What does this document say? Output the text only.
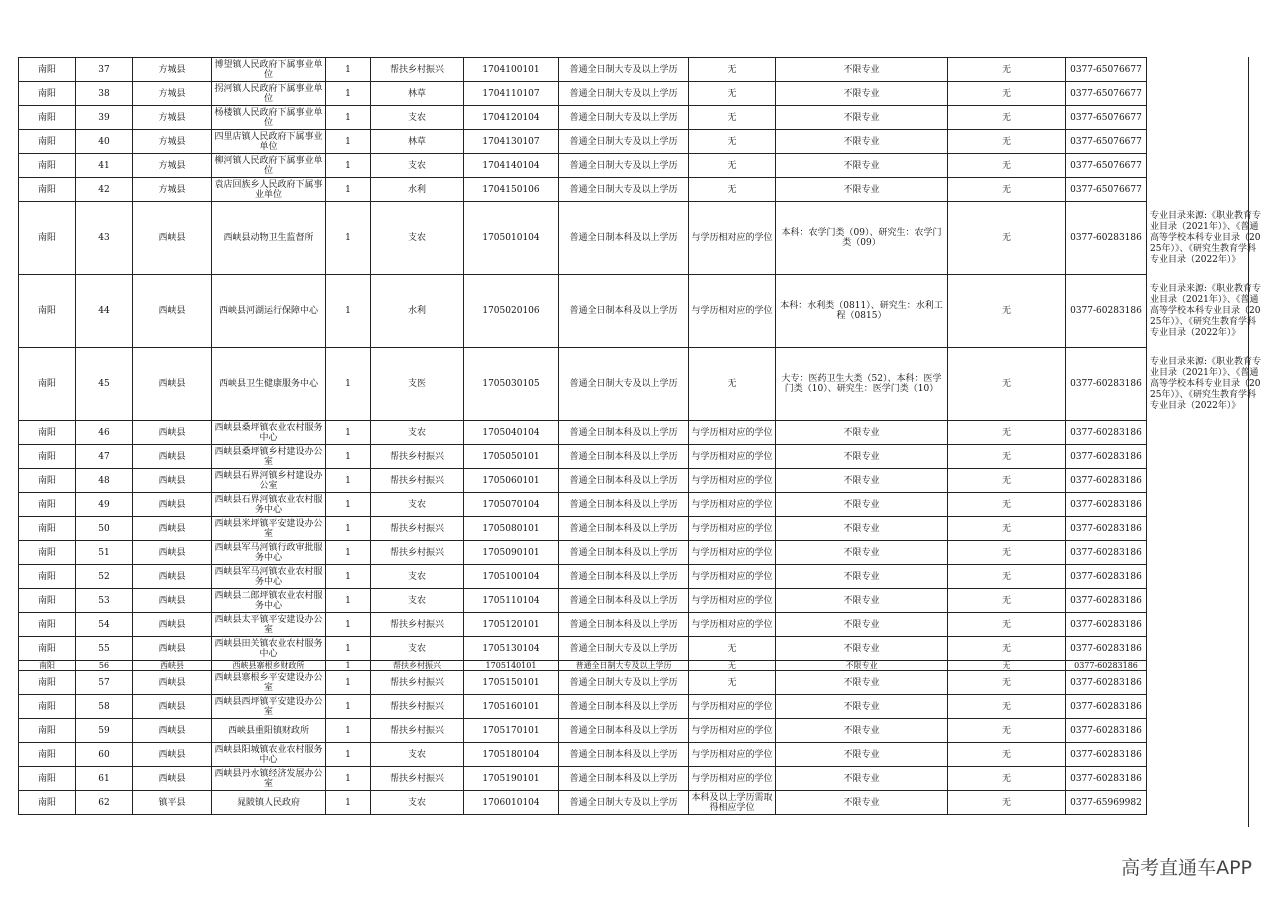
南阳	37	方城县	博望镇人民政府下属事业单位	1	帮扶乡村振兴	1704100101	普通全日制大专及以上学历	无	不限专业	无	0377-65076677	
南阳	38	方城县	拐河镇人民政府下属事业单位	1	林草	1704110107	普通全日制大专及以上学历	无	不限专业	无	0377-65076677	
南阳	39	方城县	杨楼镇人民政府下属事业单位	1	支农	1704120104	普通全日制大专及以上学历	无	不限专业	无	0377-65076677	
南阳	40	方城县	四里店镇人民政府下属事业单位	1	林草	1704130107	普通全日制大专及以上学历	无	不限专业	无	0377-65076677	
南阳	41	方城县	柳河镇人民政府下属事业单位	1	支农	1704140104	普通全日制大专及以上学历	无	不限专业	无	0377-65076677	
南阳	42	方城县	袁店回族乡人民政府下属事业单位	1	水利	1704150106	普通全日制大专及以上学历	无	不限专业	无	0377-65076677	
南阳	43	西峡县	西峡县动物卫生监督所	1	支农	1705010104	普通全日制本科及以上学历	与学历相对应的学位	本科：农学门类（09）、研究生：农学门类（09）	无	0377-60283186	专业目录来源:《职业教育专业目录（2021年）》、《普通高等学校本科专业目录（2025年）》、《研究生教育学科专业目录（2022年）》
南阳	44	西峡县	西峡县河湖运行保障中心	1	水利	1705020106	普通全日制本科及以上学历	与学历相对应的学位	本科：水利类（0811）、研究生：水利工程（0815）	无	0377-60283186	专业目录来源:《职业教育专业目录（2021年）》、《普通高等学校本科专业目录（2025年）》、《研究生教育学科专业目录（2022年）》
南阳	45	西峡县	西峡县卫生健康服务中心	1	支医	1705030105	普通全日制大专及以上学历	无	大专：医药卫生大类（52）、本科：医学门类（10）、研究生：医学门类（10）	无	0377-60283186	专业目录来源:《职业教育专业目录（2021年）》、《普通高等学校本科专业目录（2025年）》、《研究生教育学科专业目录（2022年）》
南阳	46	西峡县	西峡县桑坪镇农业农村服务中心	1	支农	1705040104	普通全日制本科及以上学历	与学历相对应的学位	不限专业	无	0377-60283186	
南阳	47	西峡县	西峡县桑坪镇乡村建设办公室	1	帮扶乡村振兴	1705050101	普通全日制本科及以上学历	与学历相对应的学位	不限专业	无	0377-60283186	
南阳	48	西峡县	西峡县石界河镇乡村建设办公室	1	帮扶乡村振兴	1705060101	普通全日制本科及以上学历	与学历相对应的学位	不限专业	无	0377-60283186	
南阳	49	西峡县	西峡县石界河镇农业农村服务中心	1	支农	1705070104	普通全日制本科及以上学历	与学历相对应的学位	不限专业	无	0377-60283186	
南阳	50	西峡县	西峡县米坪镇平安建设办公室	1	帮扶乡村振兴	1705080101	普通全日制本科及以上学历	与学历相对应的学位	不限专业	无	0377-60283186	
南阳	51	西峡县	西峡县军马河镇行政审批服务中心	1	帮扶乡村振兴	1705090101	普通全日制本科及以上学历	与学历相对应的学位	不限专业	无	0377-60283186	
南阳	52	西峡县	西峡县军马河镇农业农村服务中心	1	支农	1705100104	普通全日制本科及以上学历	与学历相对应的学位	不限专业	无	0377-60283186	
南阳	53	西峡县	西峡县二郎坪镇农业农村服务中心	1	支农	1705110104	普通全日制本科及以上学历	与学历相对应的学位	不限专业	无	0377-60283186	
南阳	54	西峡县	西峡县太平镇平安建设办公室	1	帮扶乡村振兴	1705120101	普通全日制本科及以上学历	与学历相对应的学位	不限专业	无	0377-60283186	
南阳	55	西峡县	西峡县田关镇农业农村服务中心	1	支农	1705130104	普通全日制大专及以上学历	无	不限专业	无	0377-60283186	
南阳	56	西峡县	西峡县寨根乡财政所	1	帮扶乡村振兴	1705140101	普通全日制大专及以上学历	无	不限专业	无	0377-60283186	
南阳	57	西峡县	西峡县寨根乡平安建设办公室	1	帮扶乡村振兴	1705150101	普通全日制大专及以上学历	无	不限专业	无	0377-60283186	
南阳	58	西峡县	西峡县西坪镇平安建设办公室	1	帮扶乡村振兴	1705160101	普通全日制本科及以上学历	与学历相对应的学位	不限专业	无	0377-60283186	
南阳	59	西峡县	西峡县重阳镇财政所	1	帮扶乡村振兴	1705170101	普通全日制本科及以上学历	与学历相对应的学位	不限专业	无	0377-60283186	
南阳	60	西峡县	西峡县阳城镇农业农村服务中心	1	支农	1705180104	普通全日制本科及以上学历	与学历相对应的学位	不限专业	无	0377-60283186	
南阳	61	西峡县	西峡县丹水镇经济发展办公室	1	帮扶乡村振兴	1705190101	普通全日制本科及以上学历	与学历相对应的学位	不限专业	无	0377-60283186	
南阳	62	镇平县	晁陂镇人民政府	1	支农	1706010104	普通全日制大专及以上学历	本科及以上学历需取得相应学位	不限专业	无	0377-65969982	
高考直通车APP
